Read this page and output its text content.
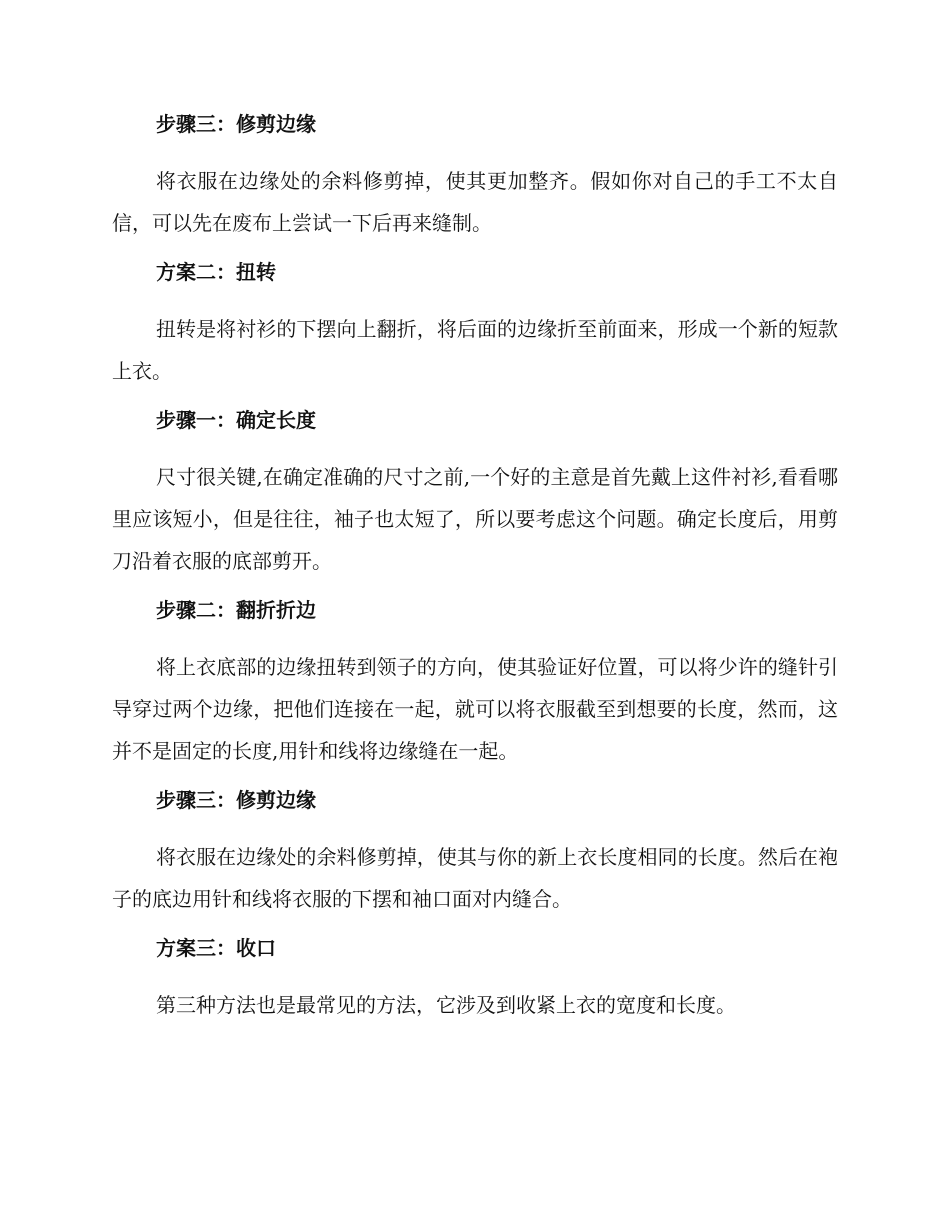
步骤三：修剪边缘

将衣服在边缘处的余料修剪掉，使其更加整齐。假如你对自己的手工不太自信，可以先在废布上尝试一下后再来缝制。

方案二：扭转

扭转是将衬衫的下摆向上翻折，将后面的边缘折至前面来，形成一个新的短款上衣。

步骤一：确定长度

尺寸很关键,在确定准确的尺寸之前,一个好的主意是首先戴上这件衬衫,看看哪里应该短小，但是往往，袖子也太短了，所以要考虑这个问题。确定长度后，用剪刀沿着衣服的底部剪开。

步骤二：翻折折边

将上衣底部的边缘扭转到领子的方向，使其验证好位置，可以将少许的缝针引导穿过两个边缘，把他们连接在一起，就可以将衣服截至到想要的长度，然而，这并不是固定的长度,用针和线将边缘缝在一起。

步骤三：修剪边缘

将衣服在边缘处的余料修剪掉，使其与你的新上衣长度相同的长度。然后在袍子的底边用针和线将衣服的下摆和袖口面对内缝合。

方案三：收口

第三种方法也是最常见的方法，它涉及到收紧上衣的宽度和长度。
